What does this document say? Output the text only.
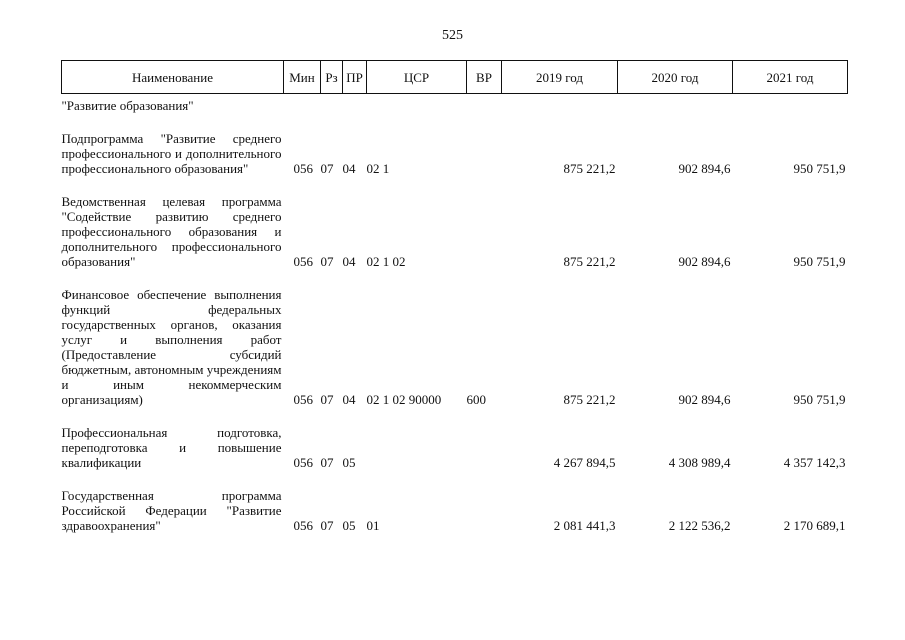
525
Наименование	Мин	Рз	ПР	ЦСР	ВР	2019 год	2020 год	2021 год
"Развитие образования"								
Подпрограмма "Развитие среднего профессионального и дополнительного профессионального образования"	056	07	04	02 1		875 221,2	902 894,6	950 751,9
Ведомственная целевая программа "Содействие развитию среднего профессионального образования и дополнительного профессионального образования"	056	07	04	02 1 02		875 221,2	902 894,6	950 751,9
Финансовое обеспечение выполнения функций федеральных государственных органов, оказания услуг и выполнения работ (Предоставление субсидий бюджетным, автономным учреждениям и иным некоммерческим организациям)	056	07	04	02 1 02 90000	600	875 221,2	902 894,6	950 751,9
Профессиональная подготовка, переподготовка и повышение квалификации	056	07	05			4 267 894,5	4 308 989,4	4 357 142,3
Государственная программа Российской Федерации "Развитие здравоохранения"	056	07	05	01		2 081 441,3	2 122 536,2	2 170 689,1
